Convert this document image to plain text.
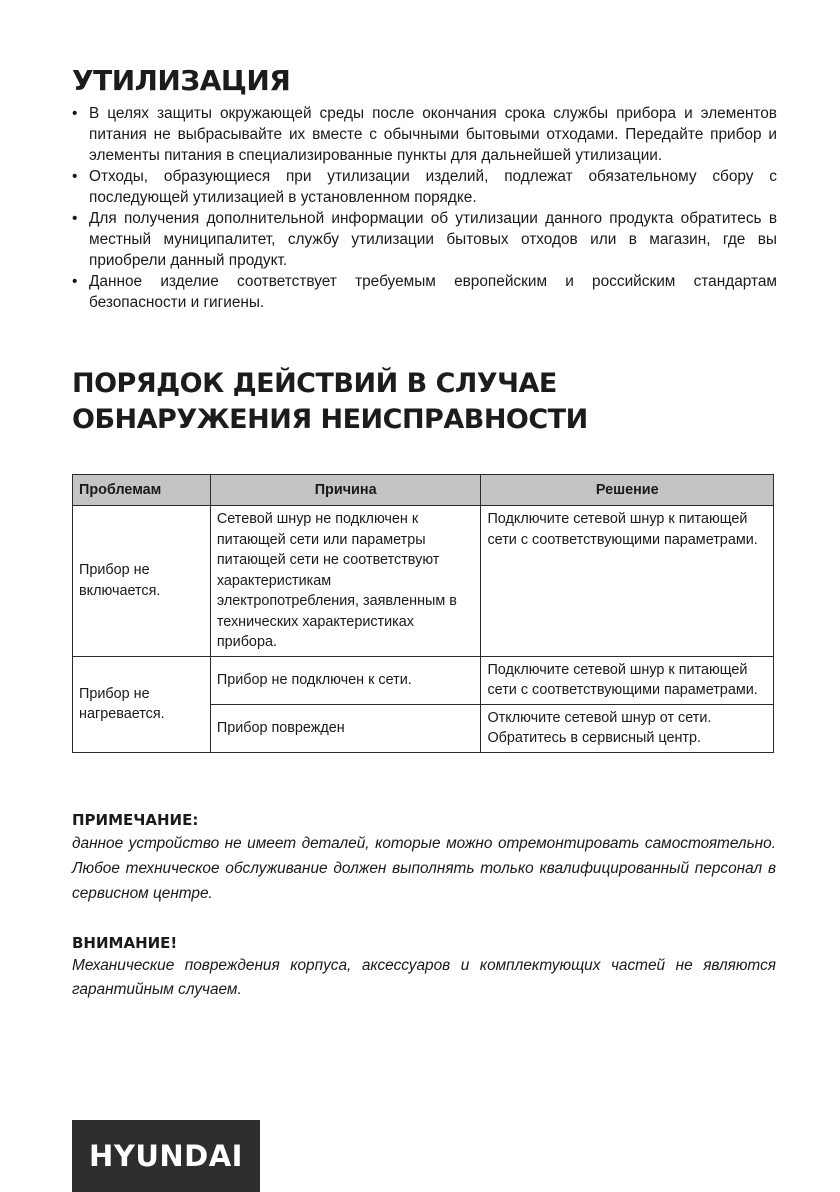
УТИЛИЗАЦИЯ
• В целях защиты окружающей среды после окончания срока службы прибора и элементов питания не выбрасывайте их вместе с обычными бытовыми отходами. Передайте прибор и элементы питания в специализированные пункты для дальнейшей утилизации.
• Отходы, образующиеся при утилизации изделий, подлежат обязательному сбору с последующей утилизацией в установленном порядке.
• Для получения дополнительной информации об утилизации данного продукта обратитесь в местный муниципалитет, службу утилизации бытовых отходов или в магазин, где вы приобрели данный продукт.
• Данное изделие соответствует требуемым европейским и российским стандартам безопасности и гигиены.
ПОРЯДОК ДЕЙСТВИЙ В СЛУЧАЕ ОБНАРУЖЕНИЯ НЕИСПРАВНОСТИ
Проблемам	Причина	Решение
Прибор не включается.	Сетевой шнур не подключен к питающей сети или параметры питающей сети не соответствуют характеристикам электропотребления, заявленным в технических характеристиках прибора.	Подключите сетевой шнур к питающей сети с соответствующими параметрами.
Прибор не нагревается.	Прибор не подключен к сети.	Подключите сетевой шнур к питающей сети с соответствующими параметрами.
	Прибор поврежден	Отключите сетевой шнур от сети. Обратитесь в сервисный центр.
ПРИМЕЧАНИЕ:

данное устройство не имеет деталей, которые можно отремонтировать самостоятельно. Любое техническое обслуживание должен выполнять только квалифицированный персонал в сервисном центре.

ВНИМАНИЕ!

Механические повреждения корпуса, аксессуаров и комплектующих частей не являются гарантийным случаем.

HYUNDAI
